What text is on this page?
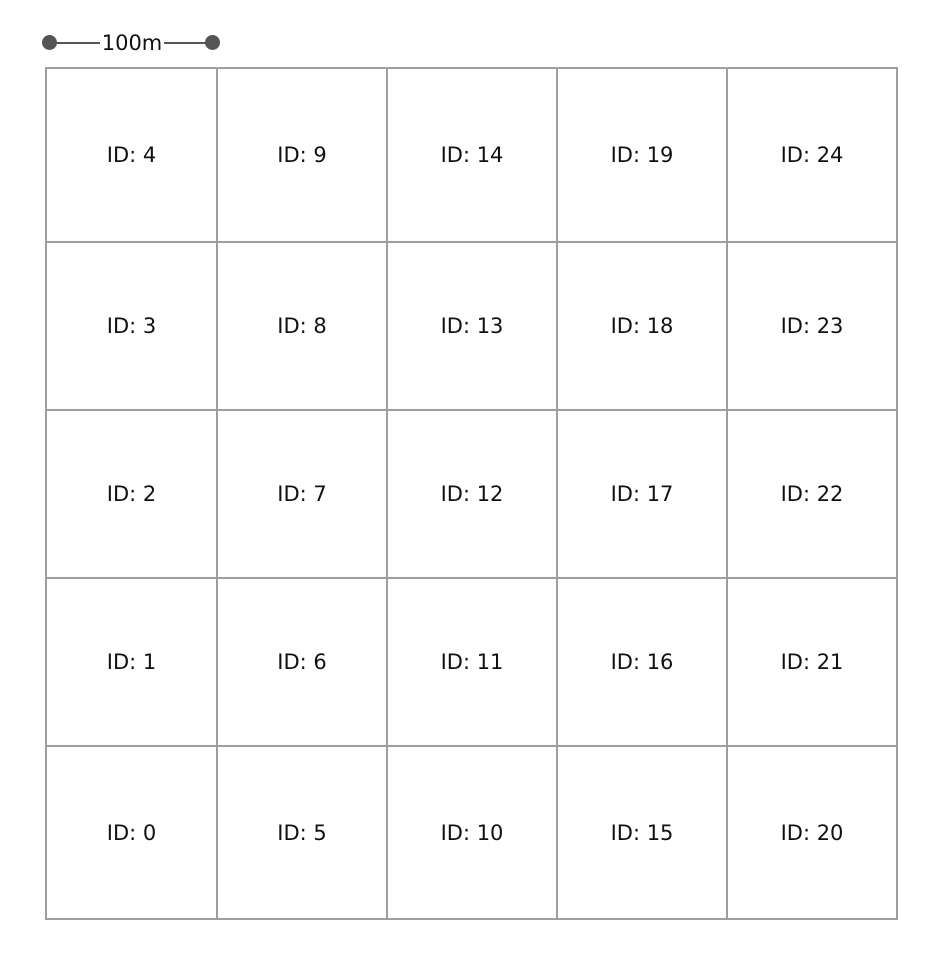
100m
ID: 4	ID: 9	ID: 14	ID: 19	ID: 24
ID: 3	ID: 8	ID: 13	ID: 18	ID: 23
ID: 2	ID: 7	ID: 12	ID: 17	ID: 22
ID: 1	ID: 6	ID: 11	ID: 16	ID: 21
ID: 0	ID: 5	ID: 10	ID: 15	ID: 20
